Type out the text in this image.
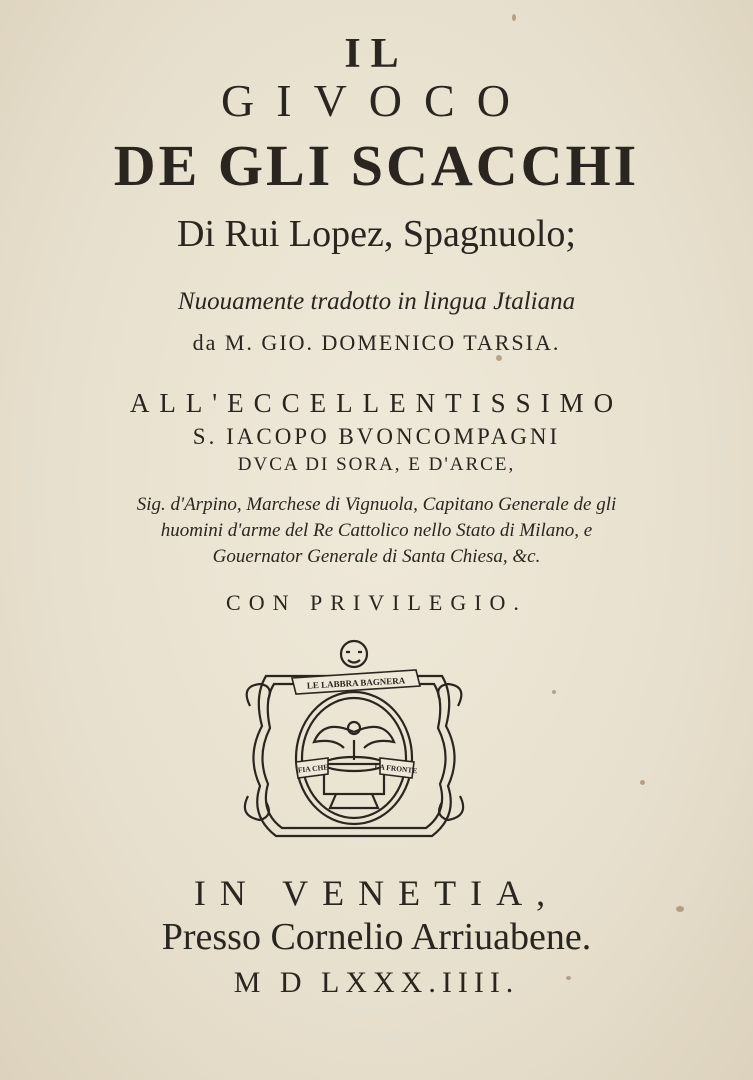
IL

GIVOCO

DE GLI SCACCHI

Di Rui Lopez, Spagnuolo;

Nuouamente tradotto in lingua Jtaliana

da M. GIO. DOMENICO TARSIA.

ALL'ECCELLENTISSIMO

S. IACOPO BVONCOMPAGNI

DVCA DI SORA, E D'ARCE,

Sig. d'Arpino, Marchese di Vignuola, Capitano Generale de gli

huomini d'arme del Re Cattolico nello Stato di Milano, e

Gouernator Generale di Santa Chiesa, &c.

CON PRIVILEGIO.

LE LABBRA BAGNERA
FIA CHE	LA FRONTE

IN VENETIA,

Presso Cornelio Arriuabene.

M D LXXX.IIII.
